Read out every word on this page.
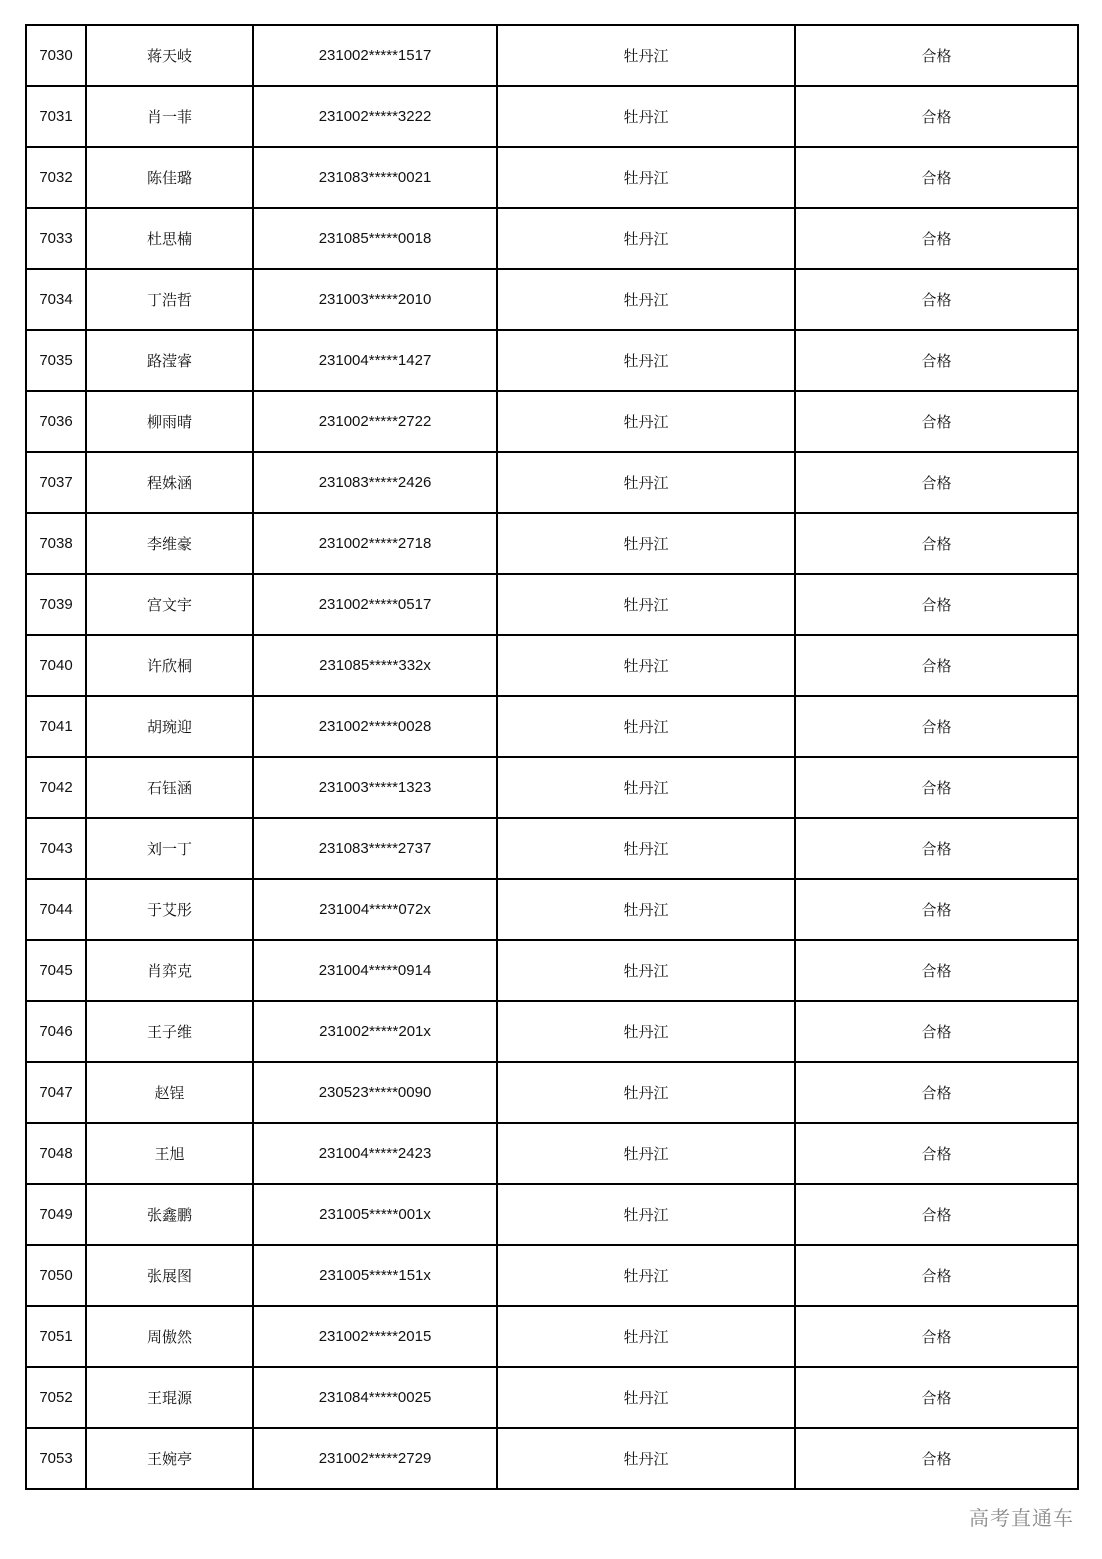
7030	蒋天岐	231002*****1517	牡丹江	合格
7031	肖一菲	231002*****3222	牡丹江	合格
7032	陈佳璐	231083*****0021	牡丹江	合格
7033	杜思楠	231085*****0018	牡丹江	合格
7034	丁浩哲	231003*****2010	牡丹江	合格
7035	路滢睿	231004*****1427	牡丹江	合格
7036	柳雨晴	231002*****2722	牡丹江	合格
7037	程姝涵	231083*****2426	牡丹江	合格
7038	李维豪	231002*****2718	牡丹江	合格
7039	宫文宇	231002*****0517	牡丹江	合格
7040	许欣桐	231085*****332x	牡丹江	合格
7041	胡琬迎	231002*****0028	牡丹江	合格
7042	石钰涵	231003*****1323	牡丹江	合格
7043	刘一丁	231083*****2737	牡丹江	合格
7044	于艾彤	231004*****072x	牡丹江	合格
7045	肖弈克	231004*****0914	牡丹江	合格
7046	王子维	231002*****201x	牡丹江	合格
7047	赵锃	230523*****0090	牡丹江	合格
7048	王旭	231004*****2423	牡丹江	合格
7049	张鑫鹏	231005*****001x	牡丹江	合格
7050	张展图	231005*****151x	牡丹江	合格
7051	周傲然	231002*****2015	牡丹江	合格
7052	王琨源	231084*****0025	牡丹江	合格
7053	王婉亭	231002*****2729	牡丹江	合格
高考直通车
